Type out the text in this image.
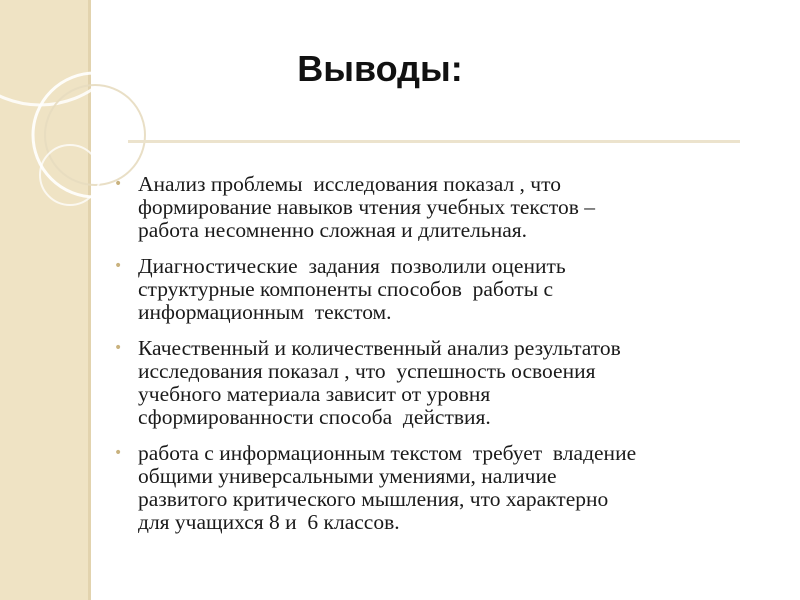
Выводы:
• Анализ проблемы  исследования показал , что
формирование навыков чтения учебных текстов –
работа несомненно сложная и длительная.
• Диагностические  задания  позволили оценить
структурные компоненты способов  работы с
информационным  текстом.
• Качественный и количественный анализ результатов
исследования показал , что  успешность освоения
учебного материала зависит от уровня
сформированности способа  действия.
• работа с информационным текстом  требует  владение
общими универсальными умениями, наличие
развитого критического мышления, что характерно
для учащихся 8 и  6 классов.
